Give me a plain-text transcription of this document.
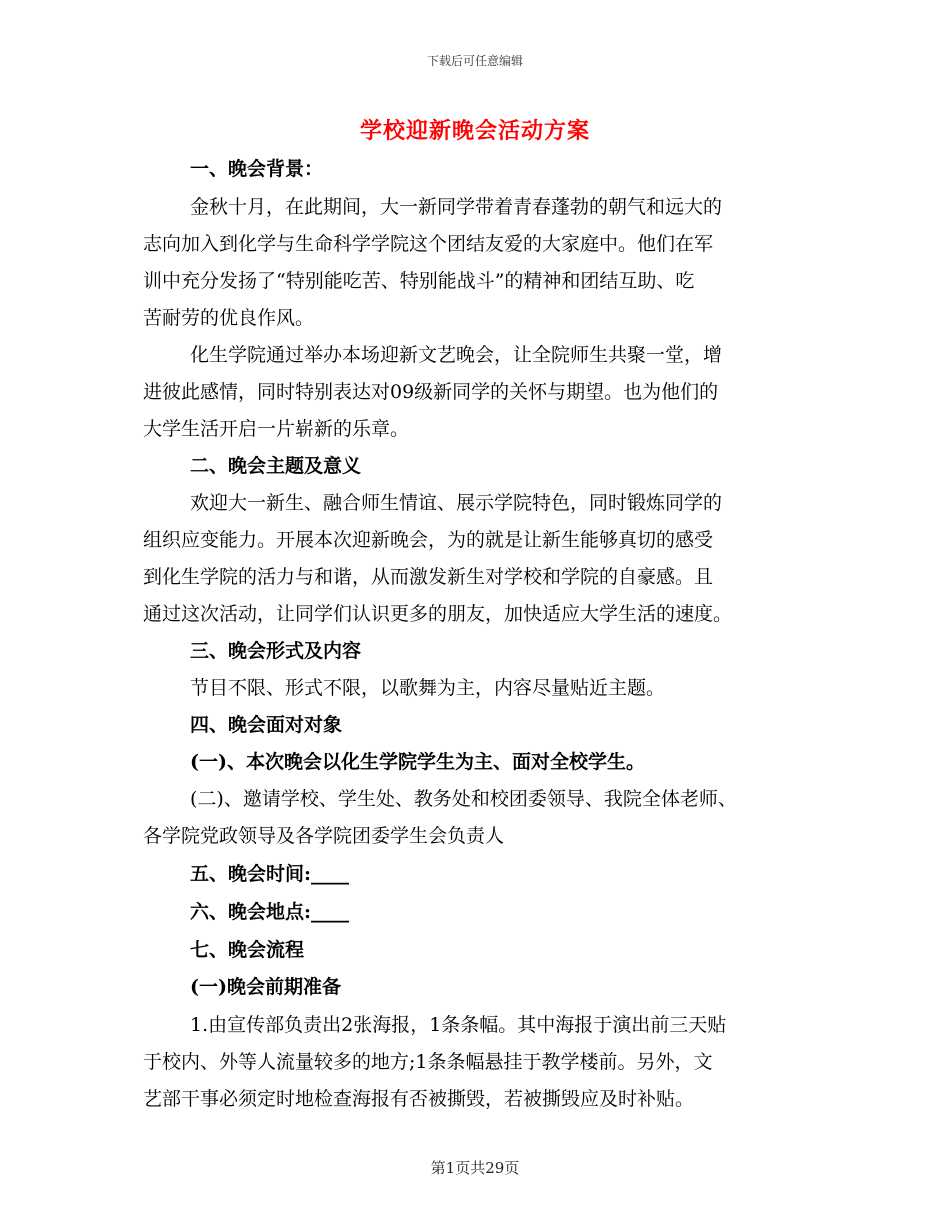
下载后可任意编辑
学校迎新晚会活动方案
一、晚会背景：
金秋十月，在此期间，大一新同学带着青春蓬勃的朝气和远大的
志向加入到化学与生命科学学院这个团结友爱的大家庭中。他们在军
训中充分发扬了“特别能吃苦、特别能战斗”的精神和团结互助、吃
苦耐劳的优良作风。
化生学院通过举办本场迎新文艺晚会，让全院师生共聚一堂，增
进彼此感情，同时特别表达对09级新同学的关怀与期望。也为他们的
大学生活开启一片崭新的乐章。
二、晚会主题及意义
欢迎大一新生、融合师生情谊、展示学院特色，同时锻炼同学的
组织应变能力。开展本次迎新晚会，为的就是让新生能够真切的感受
到化生学院的活力与和谐，从而激发新生对学校和学院的自豪感。且
通过这次活动，让同学们认识更多的朋友，加快适应大学生活的速度。
三、晚会形式及内容
节目不限、形式不限，以歌舞为主，内容尽量贴近主题。
四、晚会面对对象
(一)、本次晚会以化生学院学生为主、面对全校学生。
(二)、邀请学校、学生处、教务处和校团委领导、我院全体老师、
各学院党政领导及各学院团委学生会负责人
五、晚会时间:____
六、晚会地点:____
七、晚会流程
(一)晚会前期准备
1.由宣传部负责出2张海报，1条条幅。其中海报于演出前三天贴
于校内、外等人流量较多的地方;1条条幅悬挂于教学楼前。另外，文
艺部干事必须定时地检查海报有否被撕毁，若被撕毁应及时补贴。
第1页共29页
